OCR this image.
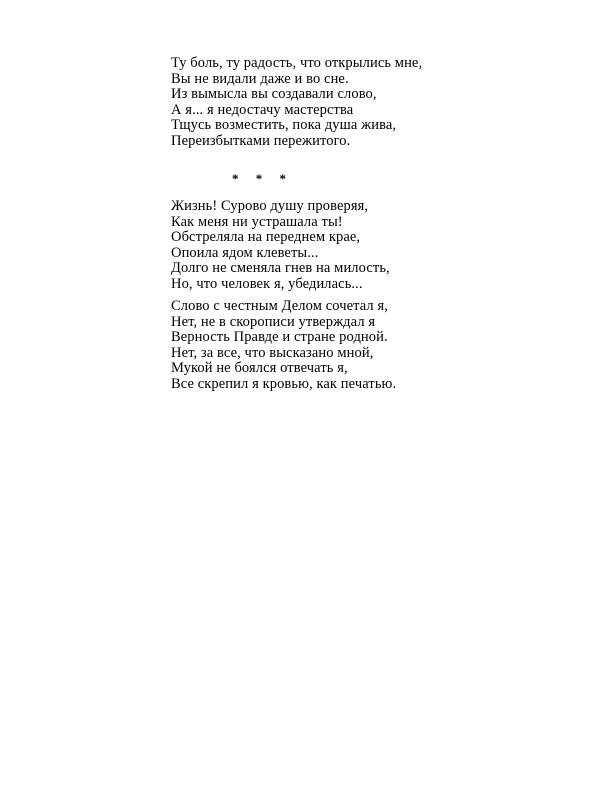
Ту боль, ту радость, что открылись мне,
Вы не видали даже и во сне.
Из вымысла вы создавали слово,
А я... я недостачу мастерства
Тщусь возместить, пока душа жива,
Переизбытками пережитого.
* * *
Жизнь! Сурово душу проверяя,
Как меня ни устрашала ты!
Обстреляла на переднем крае,
Опоила ядом клеветы...
Долго не сменяла гнев на милость,
Но, что человек я, убедилась...
Слово с честным Делом сочетал я,
Нет, не в скорописи утверждал я
Верность Правде и стране родной.
Нет, за все, что высказано мной,
Мукой не боялся отвечать я,
Все скрепил я кровью, как печатью.
